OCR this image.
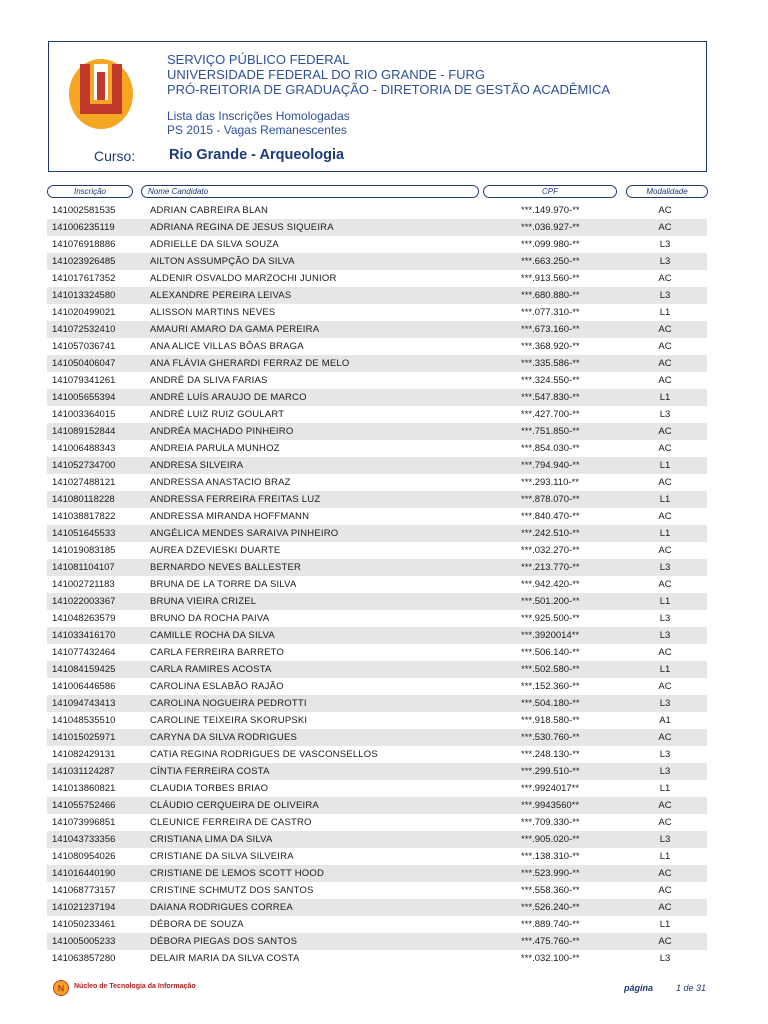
SERVIÇO PÚBLICO FEDERAL
UNIVERSIDADE FEDERAL DO RIO GRANDE - FURG
PRÓ-REITORIA DE GRADUAÇÃO - DIRETORIA DE GESTÃO ACADÊMICA
Lista das Inscrições Homologadas
PS 2015 - Vagas Remanescentes
Curso: Rio Grande - Arqueologia
Inscrição	Nome Candidato	CPF	Modalidade
141002581535	ADRIAN CABREIRA BLAN	***.149.970-**	AC
141006235119	ADRIANA REGINA DE JESUS SIQUEIRA	***.036.927-**	AC
141076918886	ADRIELLE DA SILVA SOUZA	***.099.980-**	L3
141023926485	AILTON ASSUMPÇÃO DA SILVA	***.663.250-**	L3
141017617352	ALDENIR OSVALDO MARZOCHI JUNIOR	***.913.560-**	AC
141013324580	ALEXANDRE PEREIRA LEIVAS	***.680.880-**	L3
141020499021	ALISSON MARTINS NEVES	***.077.310-**	L1
141072532410	AMAURI AMARO DA GAMA PEREIRA	***.673.160-**	AC
141057036741	ANA ALICE VILLAS BÔAS BRAGA	***.368.920-**	AC
141050406047	ANA FLÁVIA GHERARDI FERRAZ DE MELO	***.335.586-**	AC
141079341261	ANDRÉ DA SLIVA FARIAS	***.324.550-**	AC
141005655394	ANDRÉ LUÍS ARAUJO DE MARCO	***.547.830-**	L1
141003364015	ANDRÉ LUIZ RUIZ GOULART	***.427.700-**	L3
141089152844	ANDRÉA MACHADO PINHEIRO	***.751.850-**	AC
141006488343	ANDREIA PARULA MUNHOZ	***.854.030-**	AC
141052734700	ANDRESA SILVEIRA	***.794.940-**	L1
141027488121	ANDRESSA ANASTACIO BRAZ	***.293.110-**	AC
141080118228	ANDRESSA FERREIRA FREITAS LUZ	***.878.070-**	L1
141038817822	ANDRESSA MIRANDA HOFFMANN	***.840.470-**	AC
141051645533	ANGÉLICA MENDES SARAIVA PINHEIRO	***.242.510-**	L1
141019083185	AUREA DZEVIESKI DUARTE	***.032.270-**	AC
141081104107	BERNARDO NEVES BALLESTER	***.213.770-**	L3
141002721183	BRUNA DE LA TORRE DA SILVA	***.942.420-**	AC
141022003367	BRUNA VIEIRA CRIZEL	***.501.200-**	L1
141048263579	BRUNO DA ROCHA PAIVA	***.925.500-**	L3
141033416170	CAMILLE ROCHA DA SILVA	***.3920014**	L3
141077432464	CARLA FERREIRA BARRETO	***.506.140-**	AC
141084159425	CARLA RAMIRES ACOSTA	***.502.580-**	L1
141006446586	CAROLINA ESLABÃO RAJÃO	***.152.360-**	AC
141094743413	CAROLINA NOGUEIRA PEDROTTI	***.504.180-**	L3
141048535510	CAROLINE TEIXEIRA SKORUPSKI	***.918.580-**	A1
141015025971	CARYNA DA SILVA RODRIGUES	***.530.760-**	AC
141082429131	CATIA REGINA RODRIGUES DE VASCONSELLOS	***.248.130-**	L3
141031124287	CÍNTIA FERREIRA COSTA	***.299.510-**	L3
141013860821	CLAUDIA TORBES BRIAO	***.9924017**	L1
141055752466	CLÁUDIO CERQUEIRA DE OLIVEIRA	***.9943560**	AC
141073996851	CLEUNICE FERREIRA DE CASTRO	***.709.330-**	AC
141043733356	CRISTIANA LIMA DA SILVA	***.905.020-**	L3
141080954026	CRISTIANE DA SILVA SILVEIRA	***.138.310-**	L1
141016440190	CRISTIANE DE LEMOS SCOTT HOOD	***.523.990-**	AC
141068773157	CRISTINE SCHMUTZ DOS SANTOS	***.558.360-**	AC
141021237194	DAIANA RODRIGUES CORREA	***.526.240-**	AC
141050233461	DÉBORA DE SOUZA	***.889.740-**	L1
141005005233	DÉBORA PIEGAS DOS SANTOS	***.475.760-**	AC
141063857280	DELAIR MARIA DA SILVA COSTA	***.032.100-**	L3
N Núcleo de Tecnologia da Informação	página	1 de 31
